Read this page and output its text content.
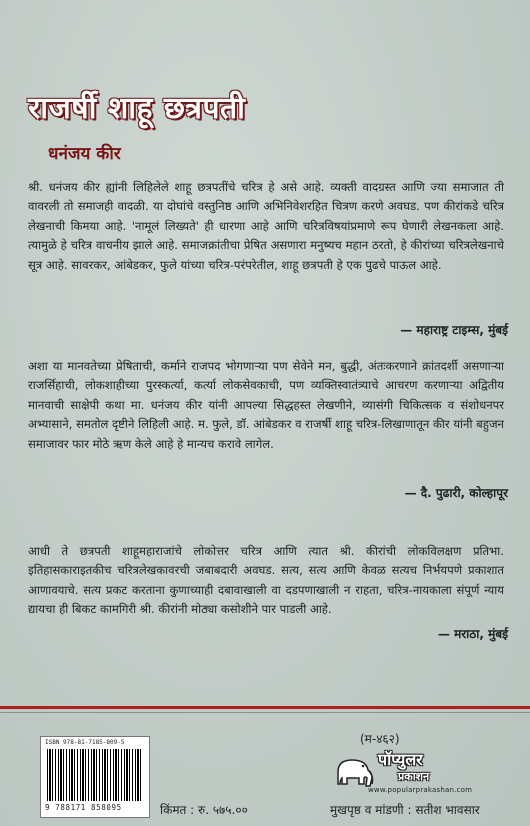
राजर्षी शाहू छत्रपती
धनंजय कीर

श्री. धनंजय कीर ह्यांनी लिहिलेले शाहू छत्रपतींचे चरित्र हे असे आहे. व्यक्ती वादग्रस्त आणि ज्या समाजात ती वावरली तो समाजही वादळी. या दोघांचे वस्तुनिष्ठ आणि अभिनिवेशरहित चित्रण करणे अवघड. पण कीरांकडे चरित्र लेखनाची किमया आहे. 'नामूलं लिख्यते' ही धारणा आहे आणि चरित्रविषयांप्रमाणे रूप घेणारी लेखनकला आहे. त्यामुळे हे चरित्र वाचनीय झाले आहे. समाजक्रांतीचा प्रेषित असणारा मनुष्यच महान ठरतो, हे कीरांच्या चरित्रलेखनाचे सूत्र आहे. सावरकर, आंबेडकर, फुले यांच्या चरित्र-परंपरेतील, शाहू छत्रपती हे एक पुढचे पाऊल आहे.

— महाराष्ट्र टाइम्स, मुंबई

अशा या मानवतेच्या प्रेषिताची, कर्माने राजपद भोगणाऱ्या पण सेवेने मन, बुद्धी, अंतःकरणाने क्रांतदर्शी असणाऱ्या राजर्सिहाची, लोकशाहीच्या पुरस्कर्त्या, कर्त्या लोकसेवकाची, पण व्यक्तिस्वातंत्र्याचे आचरण करणाऱ्या अद्वितीय मानवाची साक्षेपी कथा मा. धनंजय कीर यांनी आपल्या सिद्धहस्त लेखणीने, व्यासंगी चिकित्सक व संशोधनपर अभ्यासाने, समतोल दृष्टीने लिहिली आहे. म. फुले, डॉ. आंबेडकर व राजर्षी शाहू चरित्र-लिखाणातून कीर यांनी बहुजन समाजावर फार मोठे ऋण केले आहे हे मान्यच करावे लागेल.

— दै. पुढारी, कोल्हापूर

आधी ते छत्रपती शाहूमहाराजांचे लोकोत्तर चरित्र आणि त्यात श्री. कीरांची लोकविलक्षण प्रतिभा. इतिहासकाराइतकीच चरित्रलेखकावरची जबाबदारी अवघड. सत्य, सत्य आणि केवळ सत्यच निर्भयपणे प्रकाशात आणावयाचे. सत्य प्रकट करताना कुणाच्याही दबावाखाली वा दडपणाखाली न राहता, चरित्र-नायकाला संपूर्ण न्याय द्यायचा ही बिकट कामगिरी श्री. कीरांनी मोठ्या कसोशीने पार पाडली आहे.

— मराठा, मुंबई
(म-४६२)
ISBN 978-81-7185-809-5
9 788171 858095	किंमत : रु. ५७५.००
पॉप्युलर
प्रकाशन
www.popularprakashan.com
मुखपृष्ठ व मांडणी : सतीश भावसार
